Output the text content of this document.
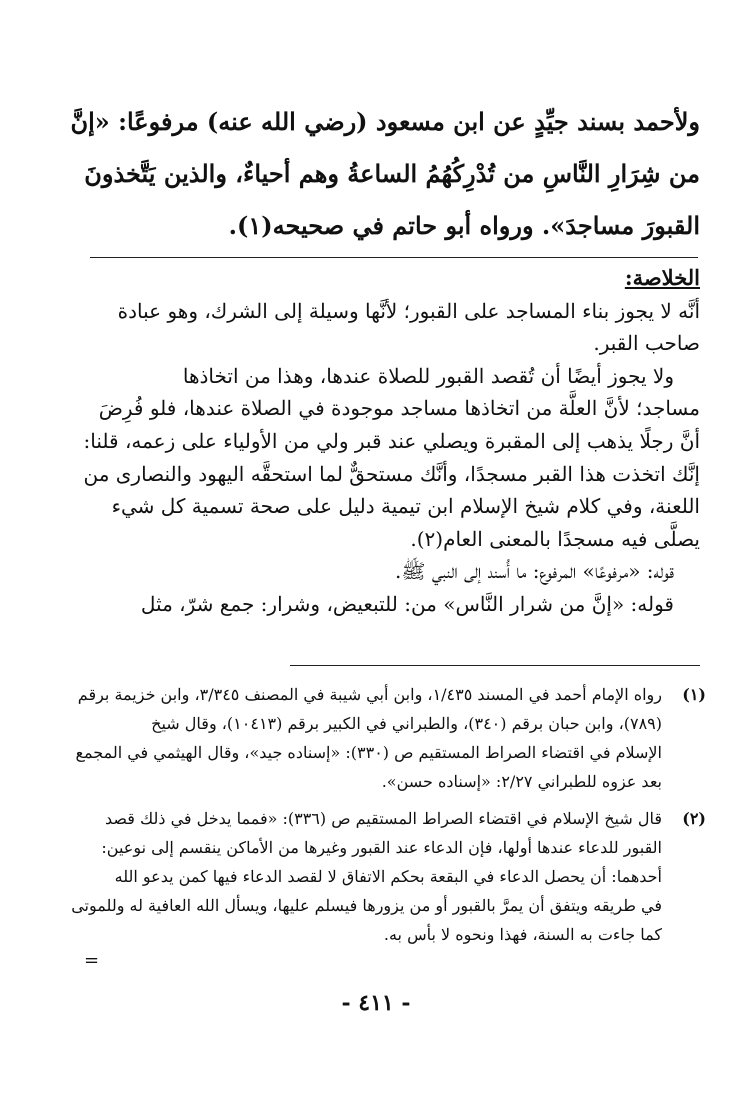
ولأحمد بسند جيِّدٍ عن ابن مسعود (رضي الله عنه) مرفوعًا: «إنَّ
من شِرَارِ النَّاسِ من تُدْرِكُهُمُ الساعةُ وهم أحياءٌ، والذين يَتَّخذونَ
القبورَ مساجدَ». ورواه أبو حاتم في صحيحه(١).
الخلاصة:
أنَّه لا يجوز بناء المساجد على القبور؛ لأنَّها وسيلة إلى الشرك، وهو عبادة
صاحب القبر.
ولا يجوز أيضًا أن تُقصد القبور للصلاة عندها، وهذا من اتخاذها
مساجد؛ لأنَّ العلَّة من اتخاذها مساجد موجودة في الصلاة عندها، فلو فُرِضَ
أنَّ رجلًا يذهب إلى المقبرة ويصلي عند قبر ولي من الأولياء على زعمه، قلنا:
إنَّك اتخذت هذا القبر مسجدًا، وأنَّك مستحقٌّ لما استحقَّه اليهود والنصارى من
اللعنة، وفي كلام شيخ الإسلام ابن تيمية دليل على صحة تسمية كل شيء
يصلَّى فيه مسجدًا بالمعنى العام(٢).
قوله: «مرفوعًا» المرفوع: ما أُسند إلى النبي ﷺ.
قوله: «إنَّ من شرار النَّاس» من: للتبعيض، وشرار: جمع شرّ، مثل
(١)
رواه الإمام أحمد في المسند ١/٤٣٥، وابن أبي شيبة في المصنف ٣/٣٤٥، وابن خزيمة برقم
(٧٨٩)، وابن حبان برقم (٣٤٠)، والطبراني في الكبير برقم (١٠٤١٣)، وقال شيخ
الإسلام في اقتضاء الصراط المستقيم ص (٣٣٠): «إسناده جيد»، وقال الهيثمي في المجمع
بعد عزوه للطبراني ٢/٢٧: «إسناده حسن».
(٢)
قال شيخ الإسلام في اقتضاء الصراط المستقيم ص (٣٣٦): «فمما يدخل في ذلك قصد
القبور للدعاء عندها أولها، فإن الدعاء عند القبور وغيرها من الأماكن ينقسم إلى نوعين:
أحدهما: أن يحصل الدعاء في البقعة بحكم الاتفاق لا لقصد الدعاء فيها كمن يدعو الله
في طريقه ويتفق أن يمرَّ بالقبور أو من يزورها فيسلم عليها، ويسأل الله العافية له وللموتى
كما جاءت به السنة، فهذا ونحوه لا بأس به.
=
- ٤١١ -
